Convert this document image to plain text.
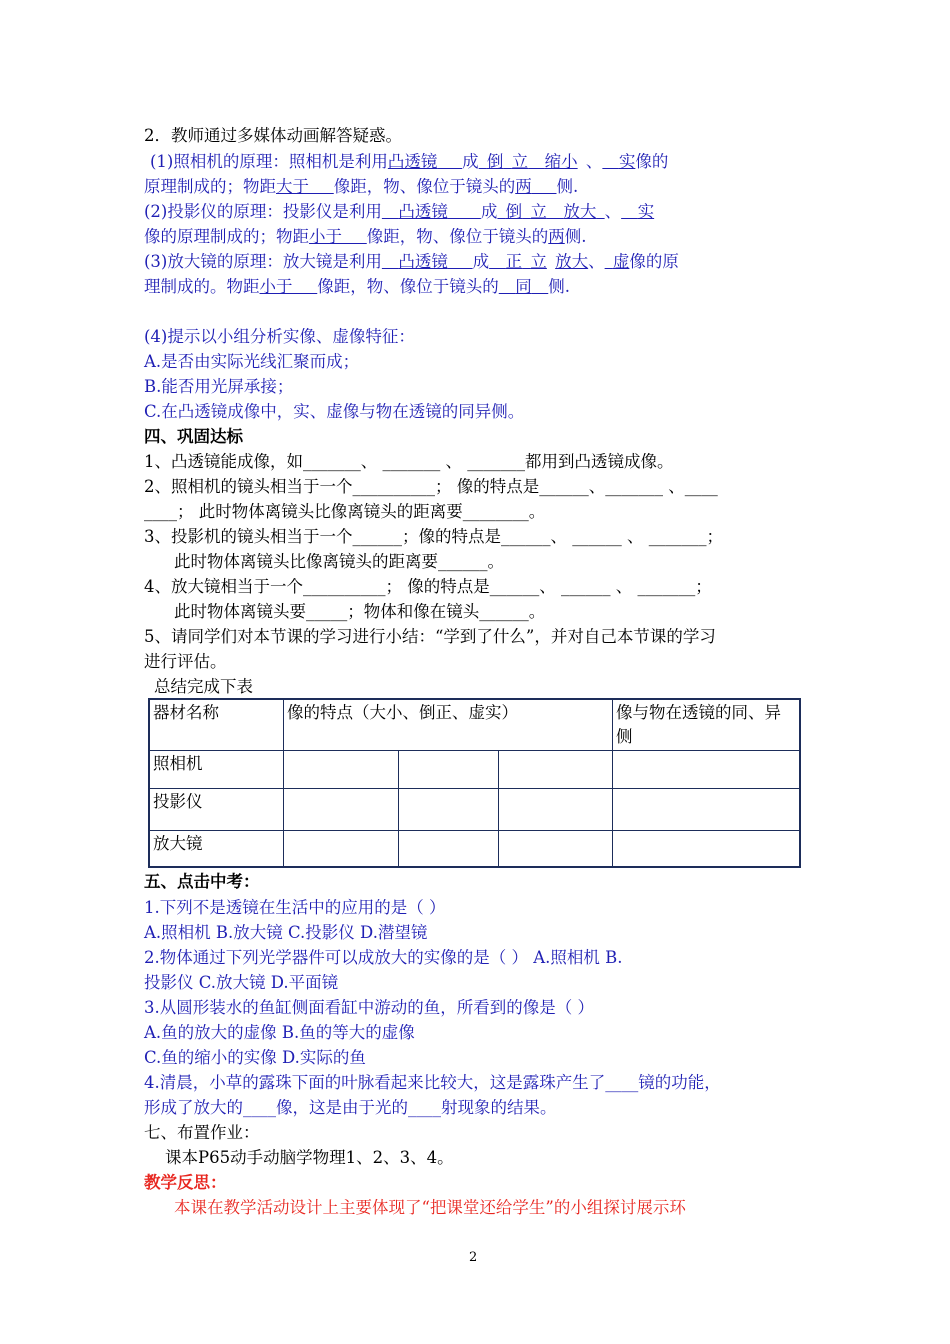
2．教师通过多媒体动画解答疑惑。
(1)照相机的原理：照相机是利用凸透镜   成  倒  立  缩小  、  实像的
原理制成的；物距大于   像距，物、像位于镜头的两   侧.
(2)投影仪的原理：投影仪是利用  凸透镜   成  倒  立  放大  、  实
像的原理制成的；物距小于   像距，物、像位于镜头的两侧.
(3)放大镜的原理：放大镜是利用  凸透镜   成  正  立  放大、  虚像的原
理制成的。物距小于   像距，物、像位于镜头的  同  侧.
(4)提示以小组分析实像、虚像特征：
A.是否由实际光线汇聚而成；
B.能否用光屏承接；
C.在凸透镜成像中，实、虚像与物在透镜的同异侧。
四、巩固达标
1、凸透镜能成像，如_______、 _______ 、 _______都用到凸透镜成像。
2、照相机的镜头相当于一个__________； 像的特点是______、_______ 、____
____； 此时物体离镜头比像离镜头的距离要________。
3、投影机的镜头相当于一个______；像的特点是______、 ______ 、 _______；
此时物体离镜头比像离镜头的距离要______。
4、放大镜相当于一个__________； 像的特点是______、 ______ 、 _______；
此时物体离镜头要_____；物体和像在镜头______。
5、请同学们对本节课的学习进行小结：“学到了什么”，并对自己本节课的学习
进行评估。
总结完成下表
器材名称	像的特点（大小、倒正、虚实）			像与物在透镜的同、异侧
照相机				
投影仪				
放大镜				
五、点击中考：
1.下列不是透镜在生活中的应用的是（ ）
A.照相机 B.放大镜 C.投影仪 D.潜望镜
2.物体通过下列光学器件可以成放大的实像的是（ ） A.照相机 B.
投影仪 C.放大镜 D.平面镜
3.从圆形装水的鱼缸侧面看缸中游动的鱼，所看到的像是（ ）
A.鱼的放大的虚像 B.鱼的等大的虚像
C.鱼的缩小的实像 D.实际的鱼
4.清晨，小草的露珠下面的叶脉看起来比较大，这是露珠产生了____镜的功能，
形成了放大的____像，这是由于光的____射现象的结果。
七、布置作业：
课本P65动手动脑学物理1、2、3、4。
教学反思：
本课在教学活动设计上主要体现了“把课堂还给学生”的小组探讨展示环
2
